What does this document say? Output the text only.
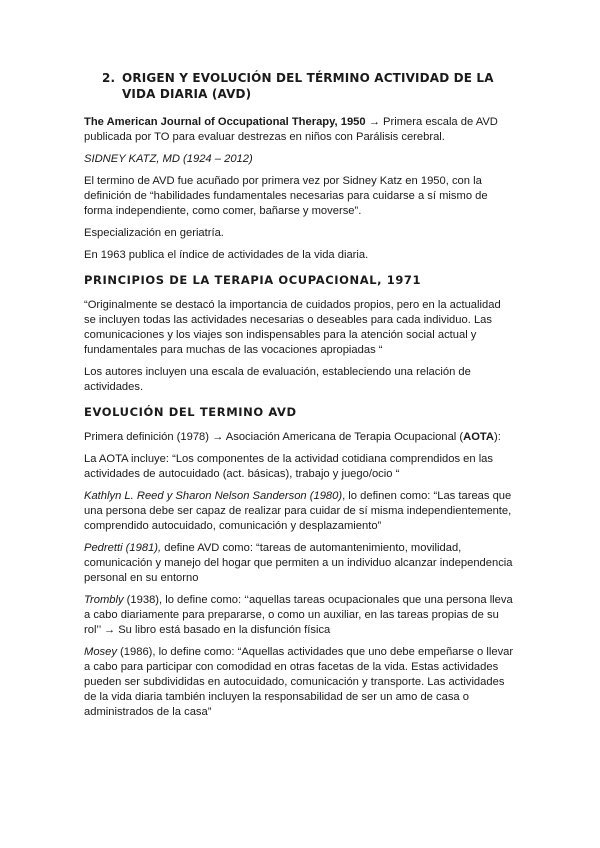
2. ORIGEN Y EVOLUCIÓN DEL TÉRMINO ACTIVIDAD DE LA VIDA DIARIA (AVD)

The American Journal of Occupational Therapy, 1950 → Primera escala de AVD publicada por TO para evaluar destrezas en niños con Parálisis cerebral.

SIDNEY KATZ, MD (1924 – 2012)

El termino de AVD fue acuñado por primera vez por Sidney Katz en 1950, con la definición de “habilidades fundamentales necesarias para cuidarse a sí mismo de forma independiente, como comer, bañarse y moverse”.

Especialización en geriatría.

En 1963 publica el índice de actividades de la vida diaria.

PRINCIPIOS DE LA TERAPIA OCUPACIONAL, 1971

“Originalmente se destacó la importancia de cuidados propios, pero en la actualidad se incluyen todas las actividades necesarias o deseables para cada individuo. Las comunicaciones y los viajes son indispensables para la atención social actual y fundamentales para muchas de las vocaciones apropiadas “

Los autores incluyen una escala de evaluación, estableciendo una relación de actividades.

EVOLUCIÓN DEL TERMINO AVD

Primera definición (1978) → Asociación Americana de Terapia Ocupacional (AOTA):

La AOTA incluye: “Los componentes de la actividad cotidiana comprendidos en las actividades de autocuidado (act. básicas), trabajo y juego/ocio “

Kathlyn L. Reed y Sharon Nelson Sanderson (1980), lo definen como: “Las tareas que una persona debe ser capaz de realizar para cuidar de sí misma independientemente, comprendido autocuidado, comunicación y desplazamiento”

Pedretti (1981), define AVD como: “tareas de automantenimiento, movilidad, comunicación y manejo del hogar que permiten a un individuo alcanzar independencia personal en su entorno

Trombly (1938), lo define como: ‘‘aquellas tareas ocupacionales que una persona lleva a cabo diariamente para prepararse, o como un auxiliar, en las tareas propias de su rol’’ → Su libro está basado en la disfunción física

Mosey (1986), lo define como: “Aquellas actividades que uno debe empeñarse o llevar a cabo para participar con comodidad en otras facetas de la vida. Estas actividades pueden ser subdivididas en autocuidado, comunicación y transporte. Las actividades de la vida diaria también incluyen la responsabilidad de ser un amo de casa o administrados de la casa”
